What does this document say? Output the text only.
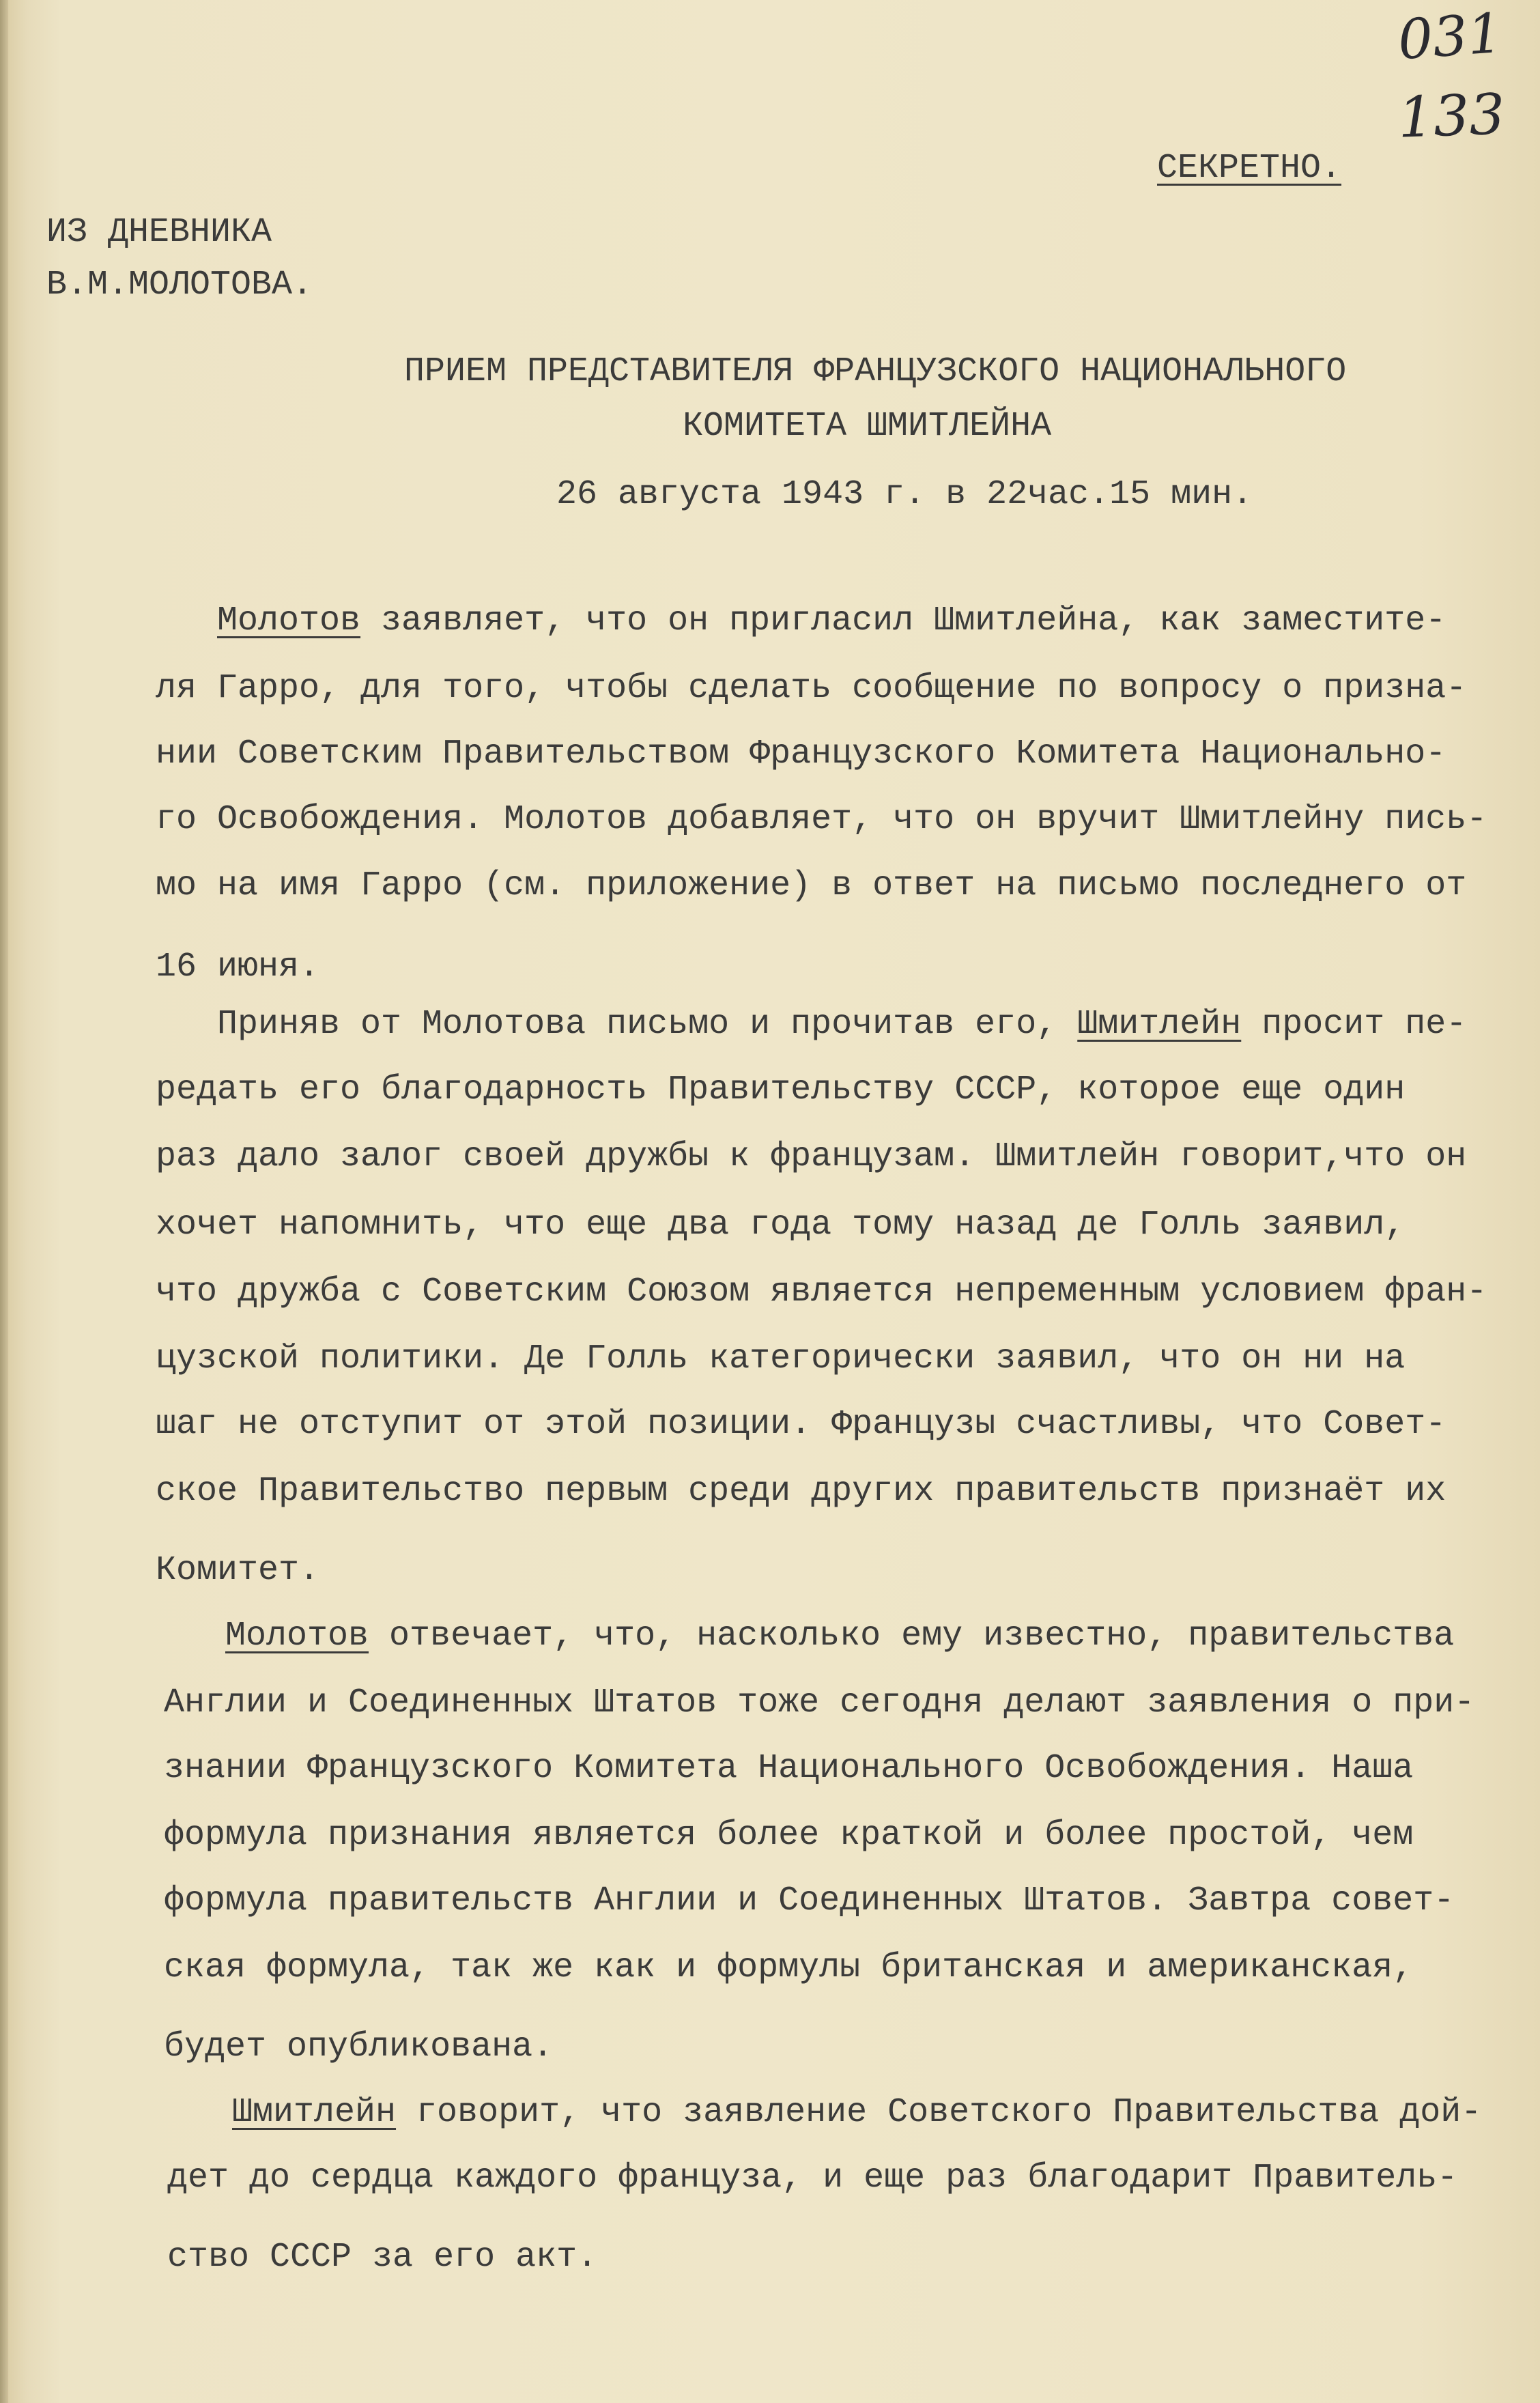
031
133
СЕКРЕТНО.
ИЗ ДНЕВНИКА
В.М.МОЛОТОВА.
ПРИЕМ ПРЕДСТАВИТЕЛЯ ФРАНЦУЗСКОГО НАЦИОНАЛЬНОГО
КОМИТЕТА ШМИТЛЕЙНА
26 августа 1943 г. в 22час.15 мин.
Молотов заявляет, что он пригласил Шмитлейна, как заместите-
ля Гарро, для того, чтобы сделать сообщение по вопросу о призна-
нии Советским Правительством Французского Комитета Национально-
го Освобождения. Молотов добавляет, что он вручит Шмитлейну пись-
мо на имя Гарро (см. приложение) в ответ на письмо последнего от
16 июня.
Приняв от Молотова письмо и прочитав его, Шмитлейн просит пе-
редать его благодарность Правительству СССР, которое еще один
раз дало залог своей дружбы к французам. Шмитлейн говорит,что он
хочет напомнить, что еще два года тому назад де Голль заявил,
что дружба с Советским Союзом является непременным условием фран-
цузской политики. Де Голль категорически заявил, что он ни на
шаг не отступит от этой позиции. Французы счастливы, что Совет-
ское Правительство первым среди других правительств признаёт их
Комитет.
Молотов отвечает, что, насколько ему известно, правительства
Англии и Соединенных Штатов тоже сегодня делают заявления о при-
знании Французского Комитета Национального Освобождения. Наша
формула признания является более краткой и более простой, чем
формула правительств Англии и Соединенных Штатов. Завтра совет-
ская формула, так же как и формулы британская и американская,
будет опубликована.
Шмитлейн говорит, что заявление Советского Правительства дой-
дет до сердца каждого француза, и еще раз благодарит Правитель-
ство СССР за его акт.
